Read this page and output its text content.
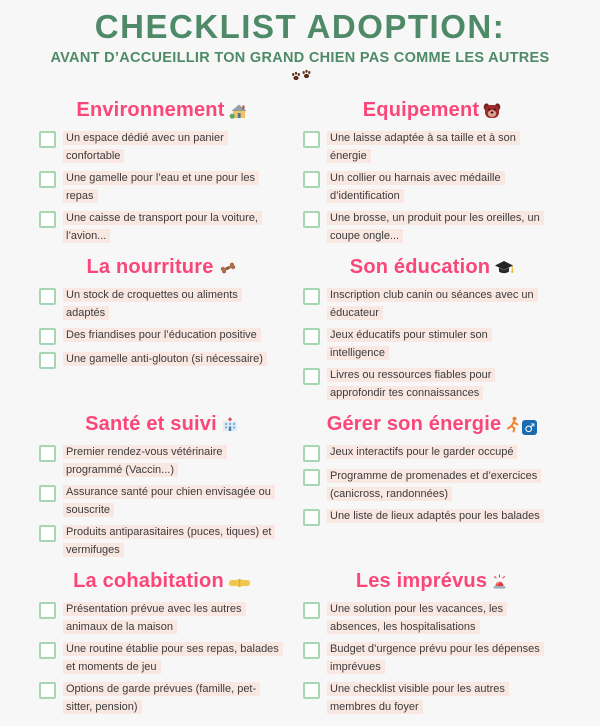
CHECKLIST ADOPTION:
AVANT D’ACCUEILLIR TON GRAND CHIEN PAS COMME LES AUTRES
Environnement
Un espace dédié avec un panier confortable
Une gamelle pour l’eau et une pour les repas
Une caisse de transport pour la voiture, l’avion...
Equipement
Une laisse adaptée à sa taille et à son énergie
Un collier ou harnais avec médaille d’identification
Une brosse, un produit pour les oreilles, un coupe ongle...
La nourriture
Un stock de croquettes ou aliments adaptés
Des friandises pour l’éducation positive
Une gamelle anti-glouton (si nécessaire)
Son éducation
Inscription club canin ou séances avec un éducateur
Jeux éducatifs pour stimuler son intelligence
Livres ou ressources fiables pour approfondir tes connaissances
Santé et suivi
Premier rendez-vous vétérinaire programmé (Vaccin...)
Assurance santé pour chien envisagée ou souscrite
Produits antiparasitaires (puces, tiques) et vermifuges
Gérer son énergie ♂
Jeux interactifs pour le garder occupé
Programme de promenades et d’exercices (canicross, randonnées)
Une liste de lieux adaptés pour les balades
La cohabitation
Présentation prévue avec les autres animaux de la maison
Une routine établie pour ses repas, balades et moments de jeu
Options de garde prévues (famille, pet-sitter, pension)
Les imprévus
Une solution pour les vacances, les absences, les hospitalisations
Budget d’urgence prévu pour les dépenses imprévues
Une checklist visible pour les autres membres du foyer
